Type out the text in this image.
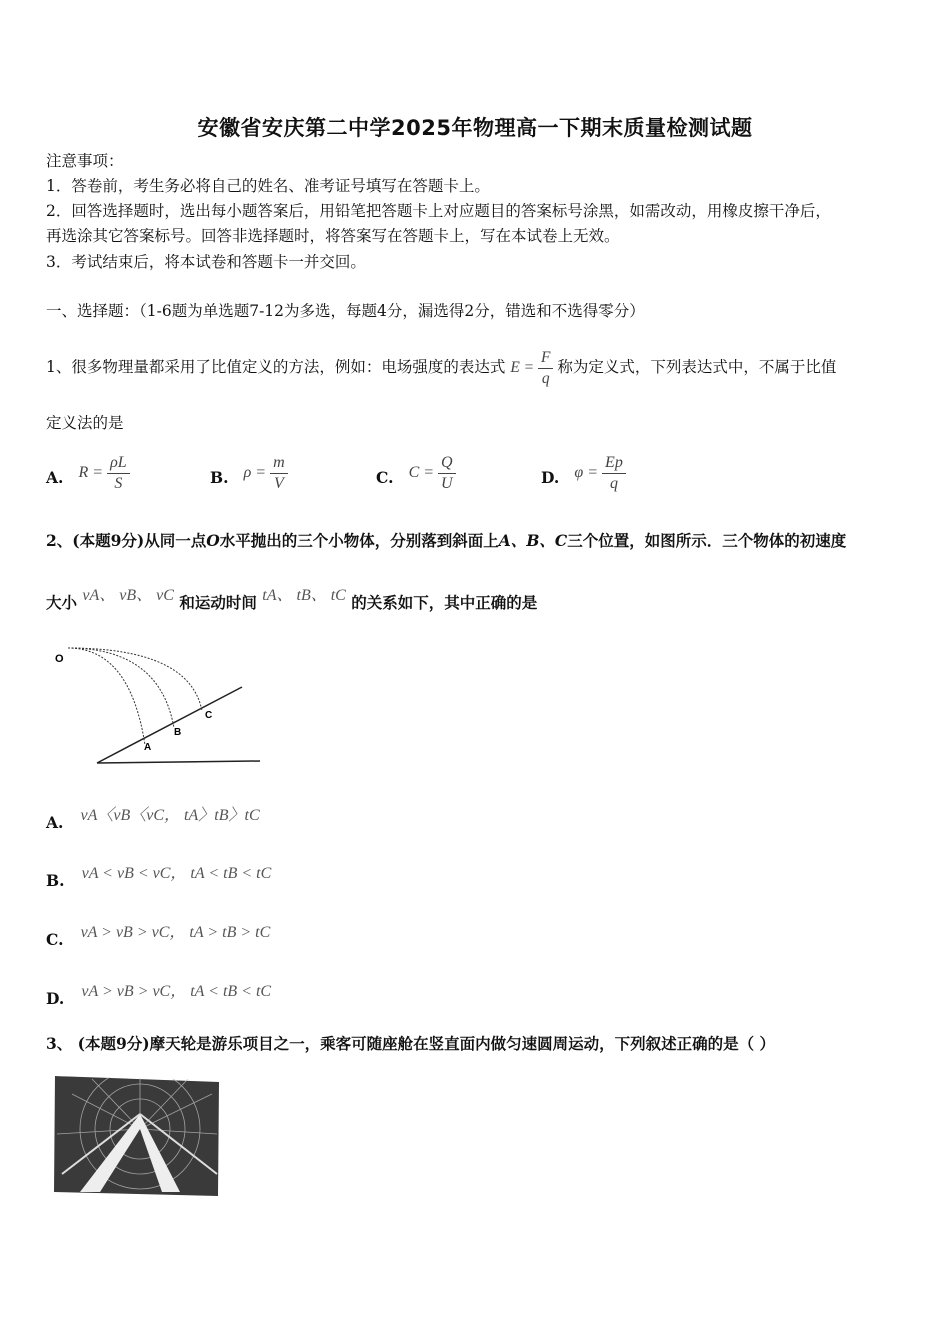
安徽省安庆第二中学2025年物理高一下期末质量检测试题
注意事项：
1．答卷前，考生务必将自己的姓名、准考证号填写在答题卡上。
2．回答选择题时，选出每小题答案后，用铅笔把答题卡上对应题目的答案标号涂黑，如需改动，用橡皮擦干净后，
再选涂其它答案标号。回答非选择题时，将答案写在答题卡上，写在本试卷上无效。
3．考试结束后，将本试卷和答题卡一并交回。
一、选择题：（1-6题为单选题7-12为多选，每题4分，漏选得2分，错选和不选得零分）
1、很多物理量都采用了比值定义的方法，例如：电场强度的表达式 $E = \frac{F}{q}$ 称为定义式，下列表达式中，不属于比值
定义法的是
A. $R = \frac{\rho L}{S}$	B. $\rho = \frac{m}{V}$	C. $C = \frac{Q}{U}$	D. $\varphi = \frac{Ep}{q}$
2、(本题9分)从同一点O水平抛出的三个小物体，分别落到斜面上A、B、C三个位置，如图所示．三个物体的初速度
大小 vA、 vB、 vC 和运动时间 tA、 tB、 tC 的关系如下，其中正确的是
O
A
B
C
A. vA〈vB〈vC， tA〉tB〉tC
B. vA < vB < vC， tA < tB < tC
C. vA > vB > vC， tA > tB > tC
D. vA > vB > vC， tA < tB < tC
3、 (本题9分)摩天轮是游乐项目之一，乘客可随座舱在竖直面内做匀速圆周运动，下列叙述正确的是（ ）
